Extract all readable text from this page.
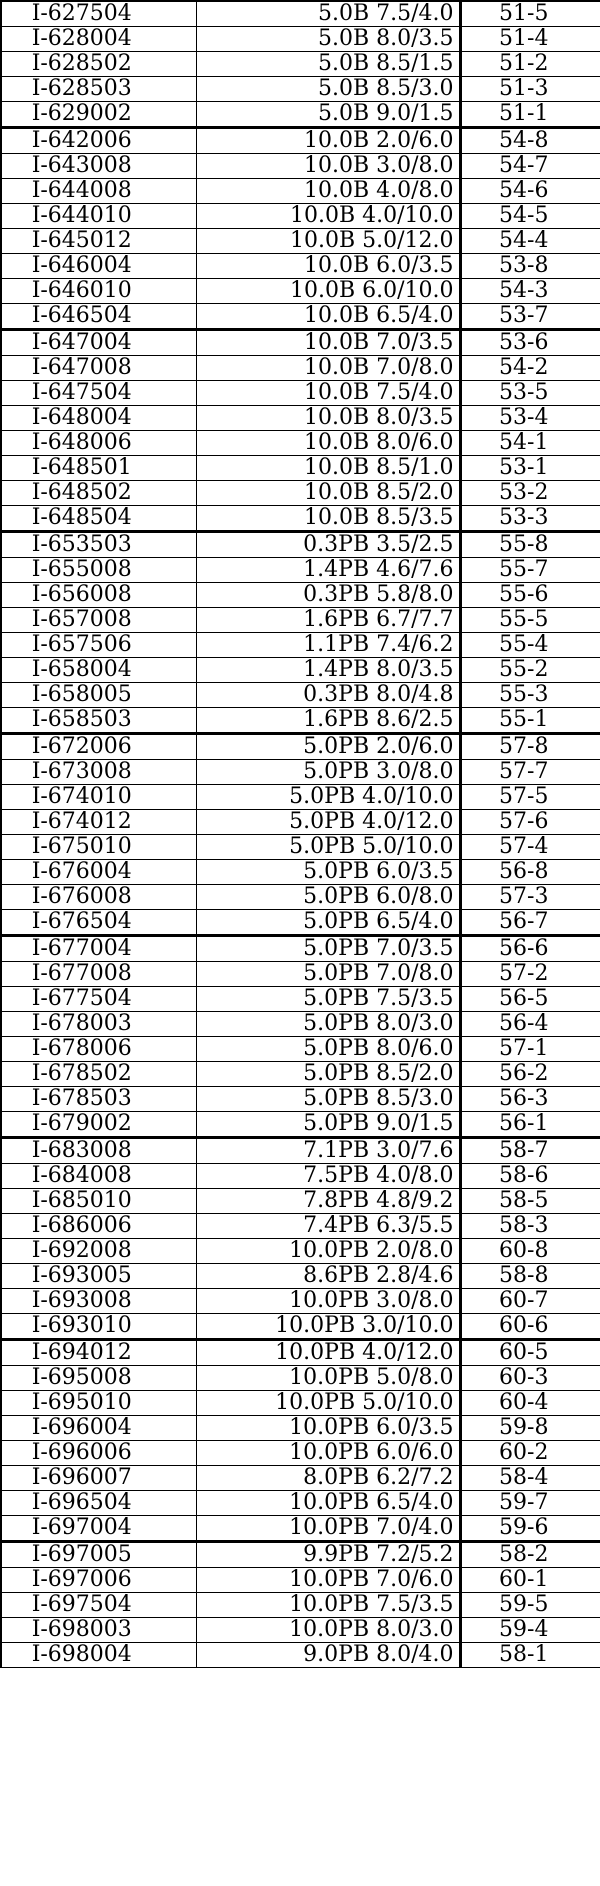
I-627504	5.0B 7.5/4.0	51-5
I-628004	5.0B 8.0/3.5	51-4
I-628502	5.0B 8.5/1.5	51-2
I-628503	5.0B 8.5/3.0	51-3
I-629002	5.0B 9.0/1.5	51-1
I-642006	10.0B 2.0/6.0	54-8
I-643008	10.0B 3.0/8.0	54-7
I-644008	10.0B 4.0/8.0	54-6
I-644010	10.0B 4.0/10.0	54-5
I-645012	10.0B 5.0/12.0	54-4
I-646004	10.0B 6.0/3.5	53-8
I-646010	10.0B 6.0/10.0	54-3
I-646504	10.0B 6.5/4.0	53-7
I-647004	10.0B 7.0/3.5	53-6
I-647008	10.0B 7.0/8.0	54-2
I-647504	10.0B 7.5/4.0	53-5
I-648004	10.0B 8.0/3.5	53-4
I-648006	10.0B 8.0/6.0	54-1
I-648501	10.0B 8.5/1.0	53-1
I-648502	10.0B 8.5/2.0	53-2
I-648504	10.0B 8.5/3.5	53-3
I-653503	0.3PB 3.5/2.5	55-8
I-655008	1.4PB 4.6/7.6	55-7
I-656008	0.3PB 5.8/8.0	55-6
I-657008	1.6PB 6.7/7.7	55-5
I-657506	1.1PB 7.4/6.2	55-4
I-658004	1.4PB 8.0/3.5	55-2
I-658005	0.3PB 8.0/4.8	55-3
I-658503	1.6PB 8.6/2.5	55-1
I-672006	5.0PB 2.0/6.0	57-8
I-673008	5.0PB 3.0/8.0	57-7
I-674010	5.0PB 4.0/10.0	57-5
I-674012	5.0PB 4.0/12.0	57-6
I-675010	5.0PB 5.0/10.0	57-4
I-676004	5.0PB 6.0/3.5	56-8
I-676008	5.0PB 6.0/8.0	57-3
I-676504	5.0PB 6.5/4.0	56-7
I-677004	5.0PB 7.0/3.5	56-6
I-677008	5.0PB 7.0/8.0	57-2
I-677504	5.0PB 7.5/3.5	56-5
I-678003	5.0PB 8.0/3.0	56-4
I-678006	5.0PB 8.0/6.0	57-1
I-678502	5.0PB 8.5/2.0	56-2
I-678503	5.0PB 8.5/3.0	56-3
I-679002	5.0PB 9.0/1.5	56-1
I-683008	7.1PB 3.0/7.6	58-7
I-684008	7.5PB 4.0/8.0	58-6
I-685010	7.8PB 4.8/9.2	58-5
I-686006	7.4PB 6.3/5.5	58-3
I-692008	10.0PB 2.0/8.0	60-8
I-693005	8.6PB 2.8/4.6	58-8
I-693008	10.0PB 3.0/8.0	60-7
I-693010	10.0PB 3.0/10.0	60-6
I-694012	10.0PB 4.0/12.0	60-5
I-695008	10.0PB 5.0/8.0	60-3
I-695010	10.0PB 5.0/10.0	60-4
I-696004	10.0PB 6.0/3.5	59-8
I-696006	10.0PB 6.0/6.0	60-2
I-696007	8.0PB 6.2/7.2	58-4
I-696504	10.0PB 6.5/4.0	59-7
I-697004	10.0PB 7.0/4.0	59-6
I-697005	9.9PB 7.2/5.2	58-2
I-697006	10.0PB 7.0/6.0	60-1
I-697504	10.0PB 7.5/3.5	59-5
I-698003	10.0PB 8.0/3.0	59-4
I-698004	9.0PB 8.0/4.0	58-1
